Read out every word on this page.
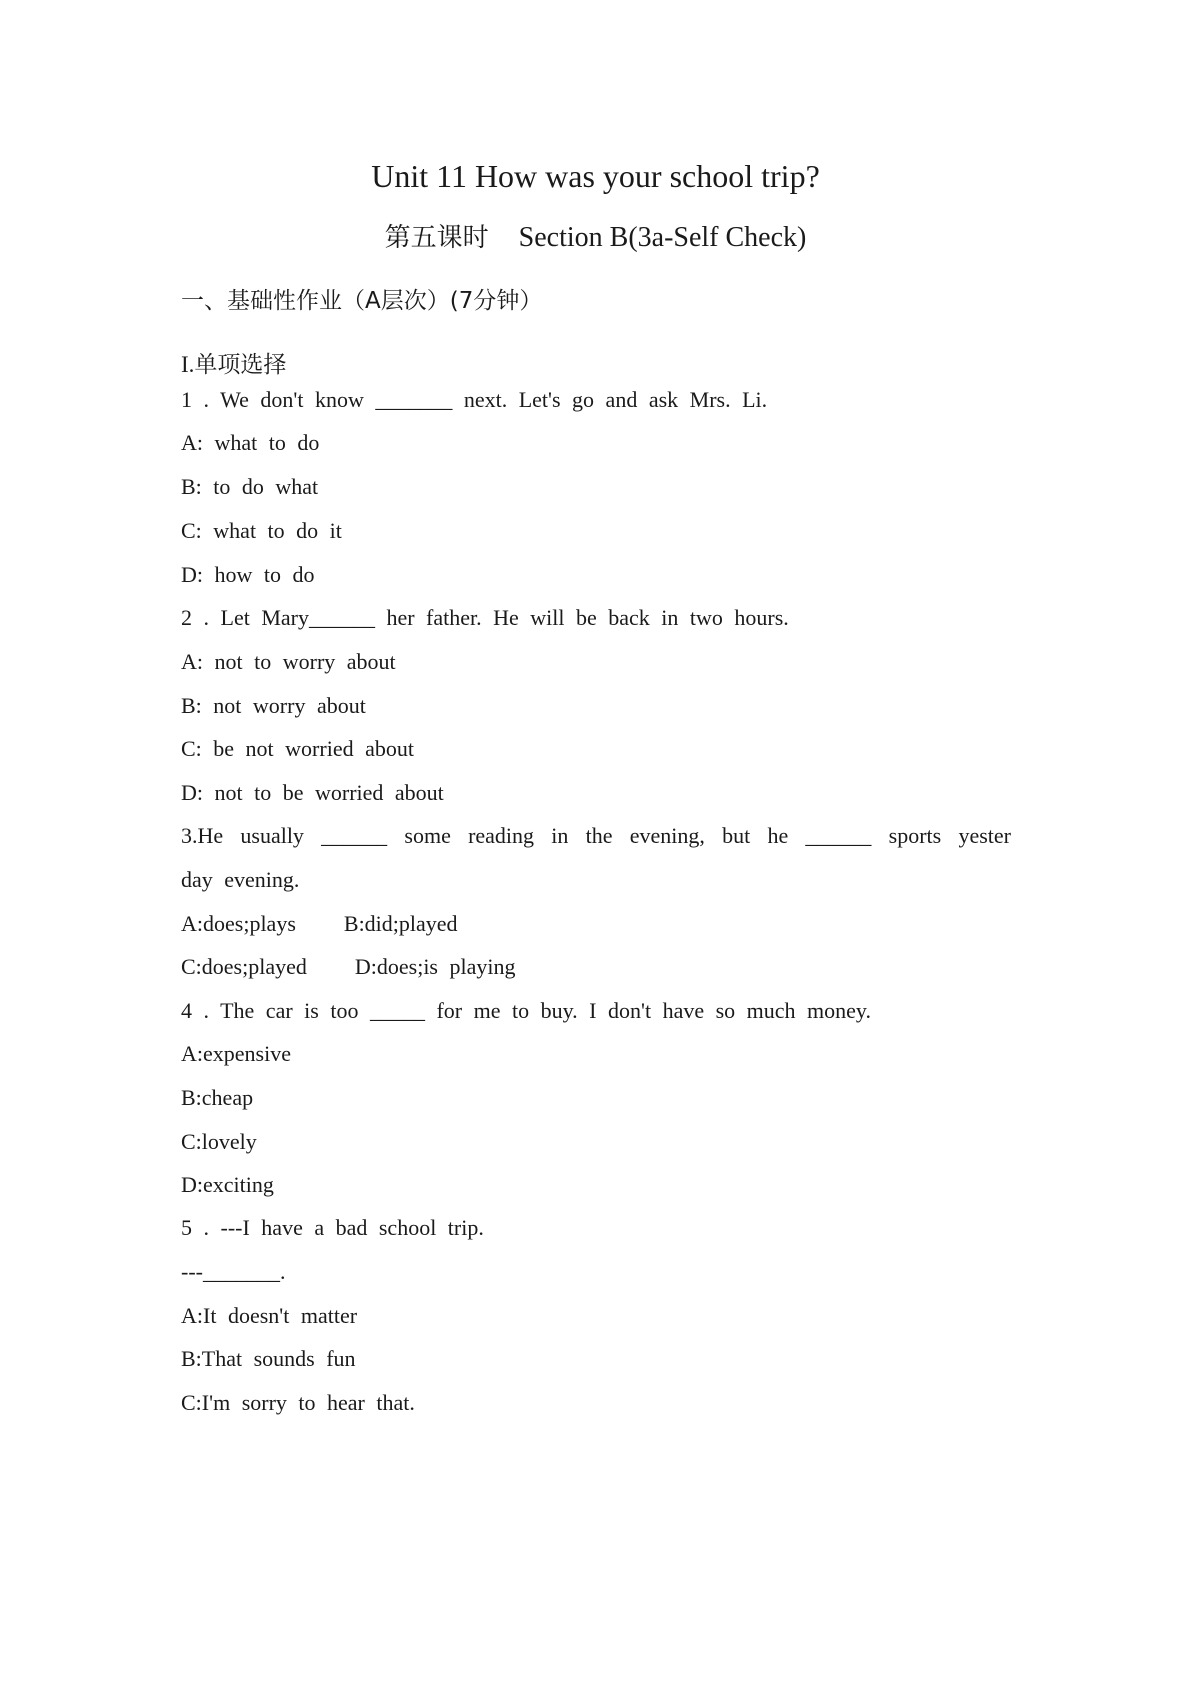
Unit 11 How was your school trip?
第五课时 Section B(3a-Self Check)
一、基础性作业（A层次）(7分钟）
I.单项选择
1 . We don't know _______ next. Let's go and ask Mrs. Li.
A: what to do
B: to do what
C: what to do it
D: how to do
2 . Let Mary______ her father. He will be back in two hours.
A: not to worry about
B: not worry about
C: be not worried about
D: not to be worried about
3.He usually ______ some reading in the evening, but he ______ sports yester
day evening.
A:does;plays B:did;played
C:does;played D:does;is playing
4 . The car is too _____ for me to buy. I don't have so much money.
A:expensive
B:cheap
C:lovely
D:exciting
5 . ---I have a bad school trip.
---_______.
A:It doesn't matter
B:That sounds fun
C:I'm sorry to hear that.
